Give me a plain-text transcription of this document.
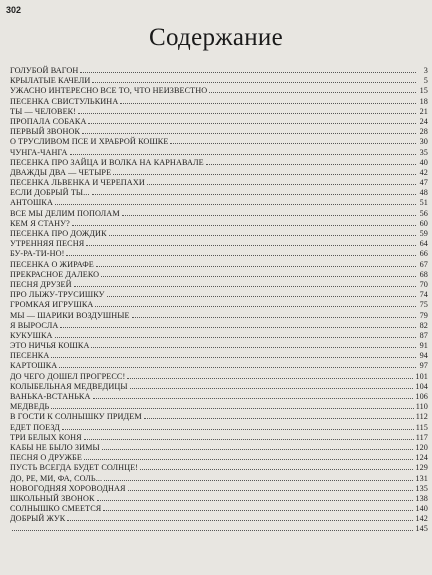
302
Содержание
ГОЛУБОЙ ВАГОН	3
КРЫЛАТЫЕ КАЧЕЛИ	5
УЖАСНО ИНТЕРЕСНО ВСЕ ТО, ЧТО НЕИЗВЕСТНО	15
ПЕСЕНКА СВИСТУЛЬКИНА	18
ТЫ — ЧЕЛОВЕК!	21
ПРОПАЛА СОБАКА	24
ПЕРВЫЙ ЗВОНОК	28
О ТРУСЛИВОМ ПСЕ И ХРАБРОЙ КОШКЕ	30
ЧУНГА-ЧАНГА	35
ПЕСЕНКА ПРО ЗАЙЦА И ВОЛКА НА КАРНАВАЛЕ	40
ДВАЖДЫ ДВА — ЧЕТЫРЕ	42
ПЕСЕНКА ЛЬВЕНКА И ЧЕРЕПАХИ	47
ЕСЛИ ДОБРЫЙ ТЫ...	48
АНТОШКА	51
ВСЕ МЫ ДЕЛИМ ПОПОЛАМ	56
КЕМ Я СТАНУ?	60
ПЕСЕНКА ПРО ДОЖДИК	59
УТРЕННЯЯ ПЕСНЯ	64
БУ-РА-ТИ-НО!	66
ПЕСЕНКА О ЖИРАФЕ	67
ПРЕКРАСНОЕ ДАЛЕКО	68
ПЕСНЯ ДРУЗЕЙ	70
ПРО ЛЫЖУ-ТРУСИШКУ	74
ГРОМКАЯ ИГРУШКА	75
МЫ — ШАРИКИ ВОЗДУШНЫЕ	79
Я ВЫРОСЛА	82
КУКУШКА	87
ЭТО НИЧЬЯ КОШКА	91
ПЕСЕНКА	94
КАРТОШКА	97
ДО ЧЕГО ДОШЕЛ ПРОГРЕСС!	101
КОЛЫБЕЛЬНАЯ МЕДВЕДИЦЫ	104
ВАНЬКА-ВСТАНЬКА	106
МЕДВЕДЬ	110
В ГОСТИ К СОЛНЫШКУ ПРИДЕМ	112
ЕДЕТ ПОЕЗД	115
ТРИ БЕЛЫХ КОНЯ	117
КАБЫ НЕ БЫЛО ЗИМЫ	120
ПЕСНЯ О ДРУЖБЕ	124
ПУСТЬ ВСЕГДА БУДЕТ СОЛНЦЕ!	129
ДО, РЕ, МИ, ФА, СОЛЬ...	131
НОВОГОДНЯЯ ХОРОВОДНАЯ	135
ШКОЛЬНЫЙ ЗВОНОК	138
СОЛНЫШКО СМЕЕТСЯ	140
ДОБРЫЙ ЖУК	142
145
